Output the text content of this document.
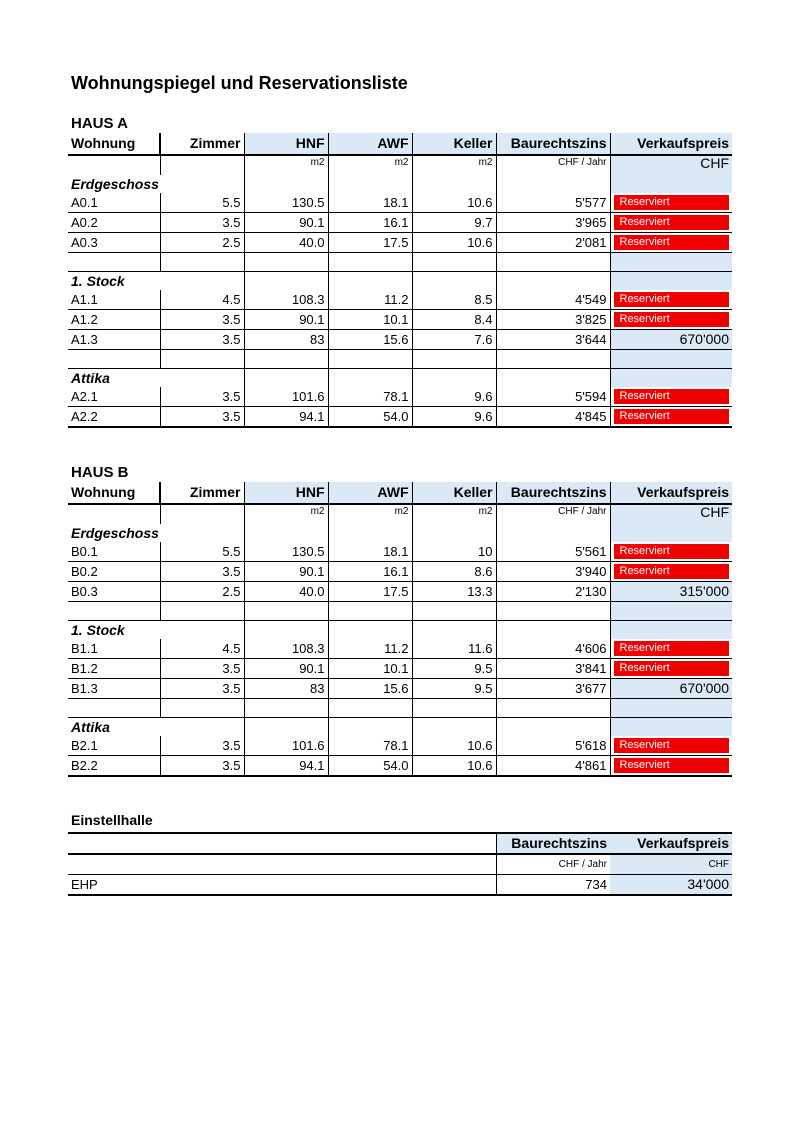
Wohnungspiegel und Reservationsliste
HAUS A
Wohnung	Zimmer	HNF	AWF	Keller	Baurechtszins	Verkaufspreis
		m2	m2	m2	CHF / Jahr	CHF
Erdgeschoss						
A0.1	5.5	130.5	18.1	10.6	5'577	Reserviert

A0.2	3.5	90.1	16.1	9.7	3'965	Reserviert

A0.3	2.5	40.0	17.5	10.6	2'081	Reserviert

1. Stock						
A1.1	4.5	108.3	11.2	8.5	4'549	Reserviert

A1.2	3.5	90.1	10.1	8.4	3'825	Reserviert

A1.3	3.5	83	15.6	7.6	3'644	670'000

Attika						
A2.1	3.5	101.6	78.1	9.6	5'594	Reserviert

A2.2	3.5	94.1	54.0	9.6	4'845	Reserviert
HAUS B
Wohnung	Zimmer	HNF	AWF	Keller	Baurechtszins	Verkaufspreis
		m2	m2	m2	CHF / Jahr	CHF
Erdgeschoss						
B0.1	5.5	130.5	18.1	10	5'561	Reserviert

B0.2	3.5	90.1	16.1	8.6	3'940	Reserviert

B0.3	2.5	40.0	17.5	13.3	2'130	315'000

1. Stock						
B1.1	4.5	108.3	11.2	11.6	4'606	Reserviert

B1.2	3.5	90.1	10.1	9.5	3'841	Reserviert

B1.3	3.5	83	15.6	9.5	3'677	670'000

Attika						
B2.1	3.5	101.6	78.1	10.6	5'618	Reserviert

B2.2	3.5	94.1	54.0	10.6	4'861	Reserviert
Einstellhalle
	Baurechtszins	Verkaufspreis
	CHF / Jahr	CHF
EHP	734	34'000
